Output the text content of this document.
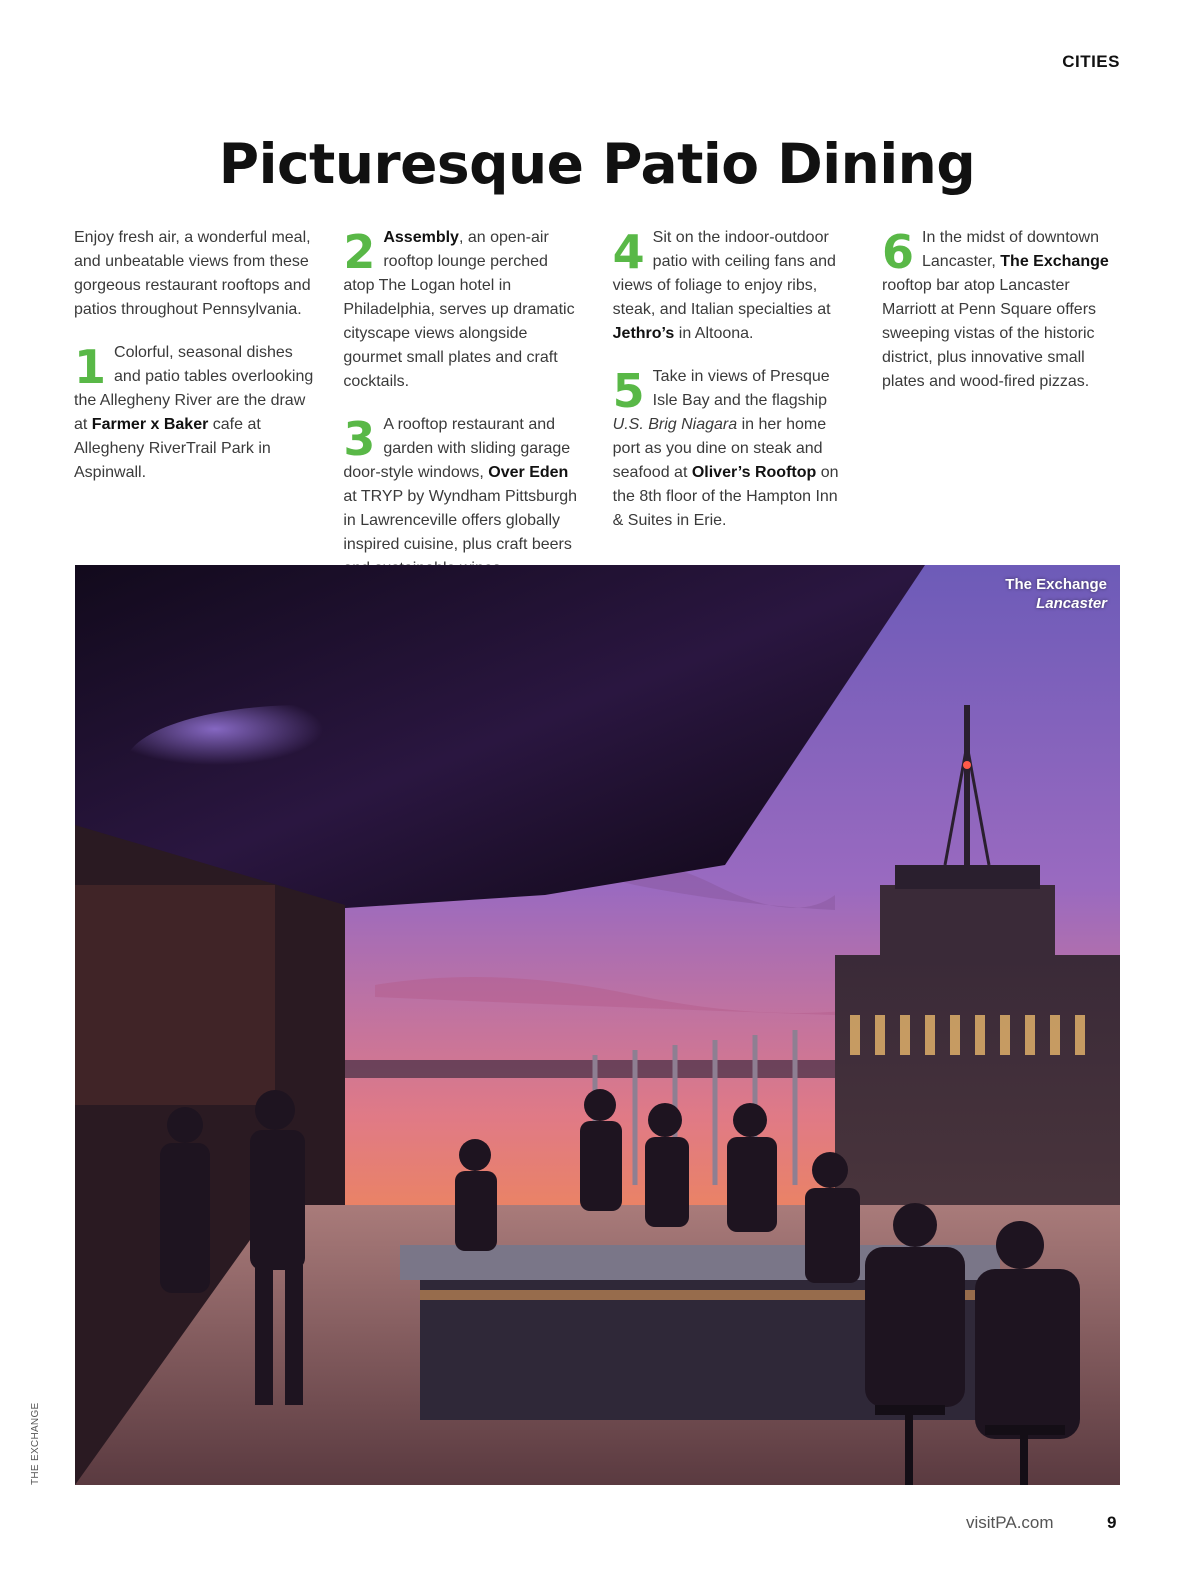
CITIES
Picturesque Patio Dining

Enjoy fresh air, a wonderful meal, and unbeatable views from these gorgeous restaurant rooftops and patios throughout Pennsylvania.

1 Colorful, seasonal dishes and patio tables overlooking the Allegheny River are the draw at Farmer x Baker cafe at Allegheny RiverTrail Park in Aspinwall.

2 Assembly, an open-air rooftop lounge perched atop The Logan hotel in Philadelphia, serves up dramatic cityscape views alongside gourmet small plates and craft cocktails.

3 A rooftop restaurant and garden with sliding garage door-style windows, Over Eden at TRYP by Wyndham Pittsburgh in Lawrenceville offers globally inspired cuisine, plus craft beers

4 Sit on the indoor-outdoor patio with ceiling fans and views of foliage to enjoy ribs, steak, and Italian specialties at Jethro’s in Altoona.

5 Take in views of Presque Isle Bay and the flagship U.S. Brig Niagara in her home port as you dine on steak and seafood at Oliver’s Rooftop on the 8th floor of the Hampton Inn & Suites in Erie.

6 In the midst of downtown Lancaster, The Exchange rooftop bar atop Lancaster Marriott at Penn Square offers sweeping vistas of the historic district, plus innovative small plates and wood-fired pizzas.

The Exchange
Lancaster
THE EXCHANGE
visitPA.com	9
